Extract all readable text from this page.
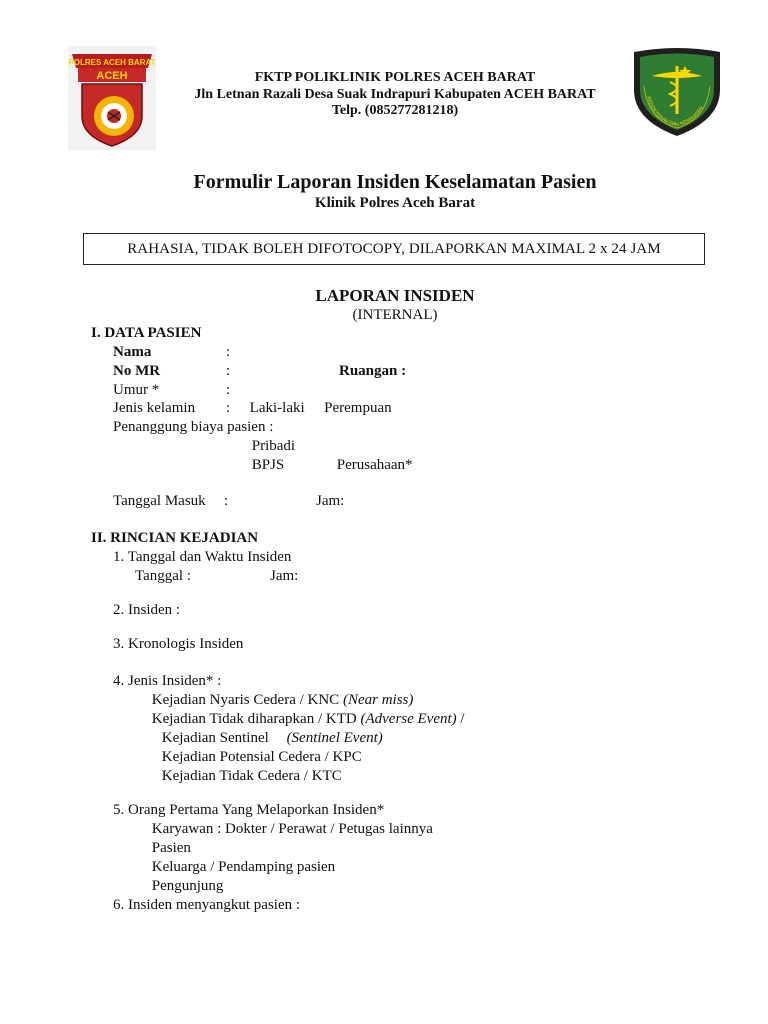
POLRES ACEH BARAT
ACEH	FKTP POLIKLINIK POLRES ACEH BARAT
Jln Letnan Razali Desa Suak Indrapuri Kabupaten ACEH BARAT
Telp. (085277281218)
KEDOKTERAN DAN KESEHATAN
Formulir Laporan Insiden Keselamatan Pasien
Klinik Polres Aceh Barat
RAHASIA, TIDAK BOLEH DIFOTOCOPY, DILAPORKAN MAXIMAL 2 x 24 JAM
LAPORAN INSIDEN
(INTERNAL)
I. DATA PASIEN
Nama	:
No MR	:	Ruangan :
Umur *	:
Jenis kelamin : Laki-laki Perempuan
Penanggung biaya pasien :
Pribadi
BPJS	Perusahaan*
Tanggal Masuk :	Jam:
II. RINCIAN KEJADIAN
1. Tanggal dan Waktu Insiden
Tanggal :	Jam:
2. Insiden :
3. Kronologis Insiden
4. Jenis Insiden* :
Kejadian Nyaris Cedera / KNC (Near miss)
Kejadian Tidak diharapkan / KTD (Adverse Event) /
Kejadian Sentinel (Sentinel Event)
Kejadian Potensial Cedera / KPC
Kejadian Tidak Cedera / KTC
5. Orang Pertama Yang Melaporkan Insiden*
Karyawan : Dokter / Perawat / Petugas lainnya
Pasien
Keluarga / Pendamping pasien
Pengunjung
6. Insiden menyangkut pasien :
